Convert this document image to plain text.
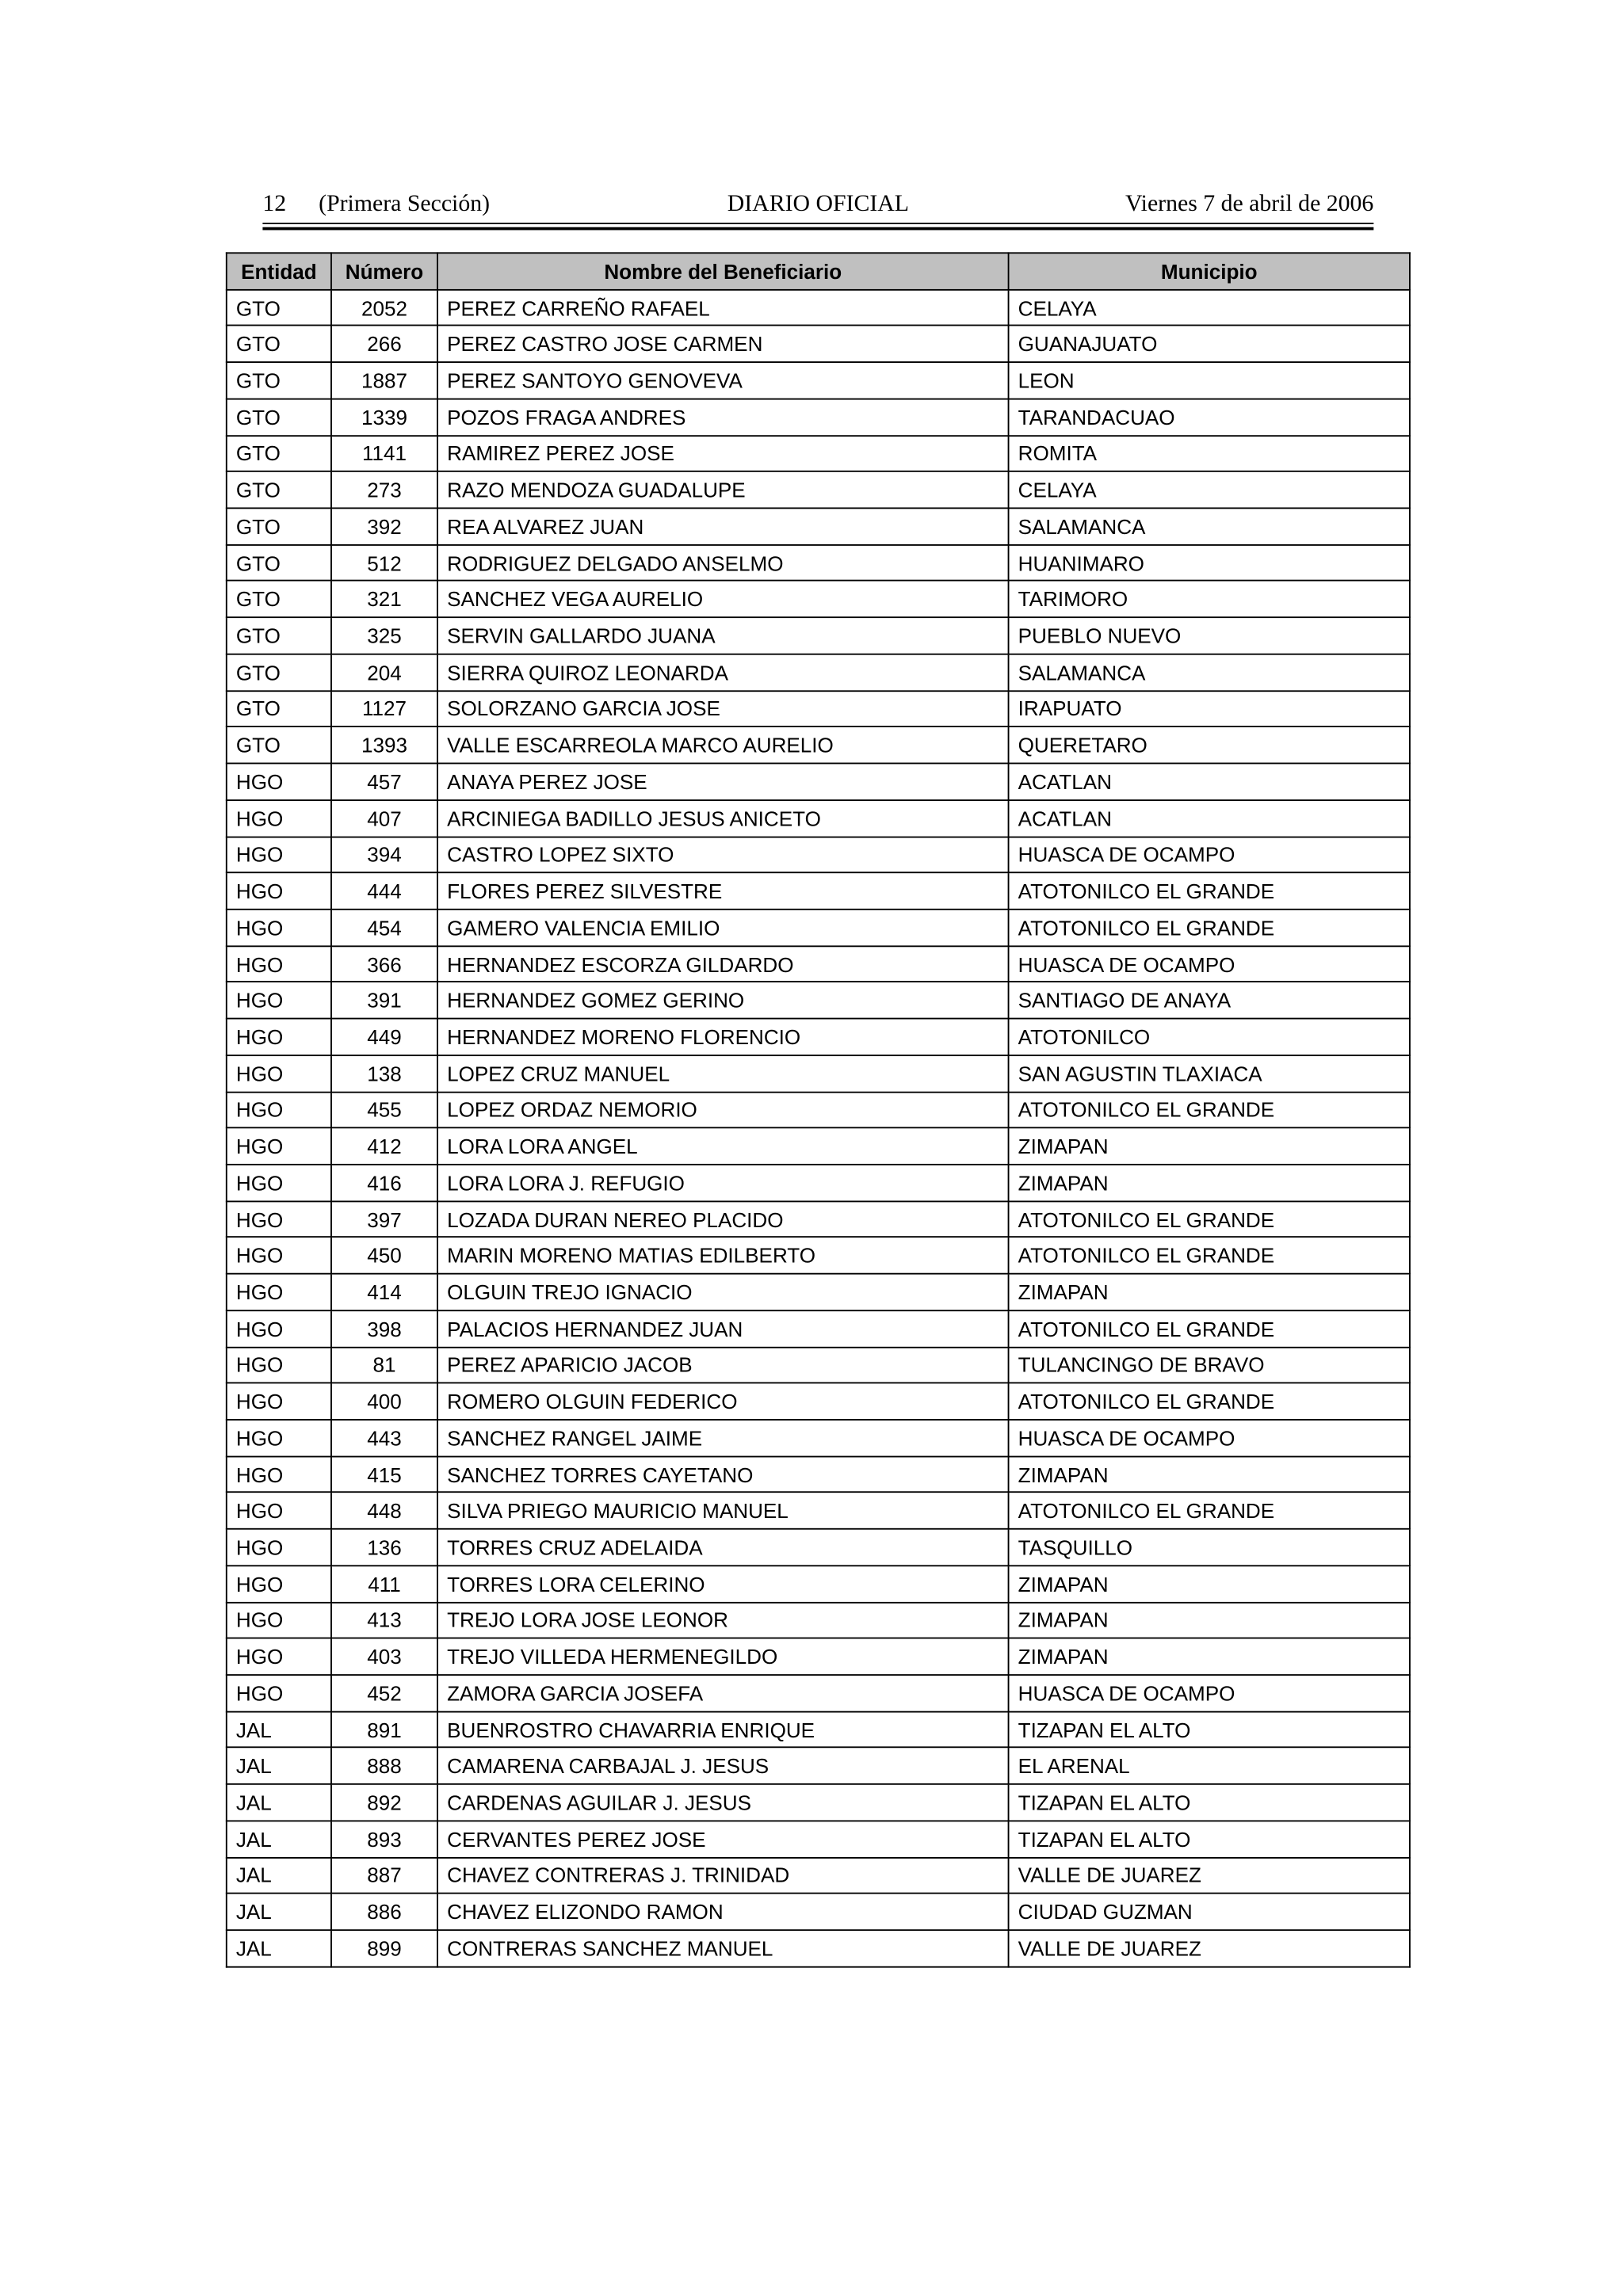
12	(Primera Sección)	DIARIO OFICIAL	Viernes 7 de abril de 2006
Entidad	Número	Nombre del Beneficiario	Municipio
GTO	2052	PEREZ CARREÑO RAFAEL	CELAYA
GTO	266	PEREZ CASTRO JOSE CARMEN	GUANAJUATO
GTO	1887	PEREZ SANTOYO GENOVEVA	LEON
GTO	1339	POZOS FRAGA ANDRES	TARANDACUAO
GTO	1141	RAMIREZ PEREZ JOSE	ROMITA
GTO	273	RAZO MENDOZA GUADALUPE	CELAYA
GTO	392	REA ALVAREZ JUAN	SALAMANCA
GTO	512	RODRIGUEZ DELGADO ANSELMO	HUANIMARO
GTO	321	SANCHEZ VEGA AURELIO	TARIMORO
GTO	325	SERVIN GALLARDO JUANA	PUEBLO NUEVO
GTO	204	SIERRA QUIROZ LEONARDA	SALAMANCA
GTO	1127	SOLORZANO GARCIA JOSE	IRAPUATO
GTO	1393	VALLE ESCARREOLA MARCO AURELIO	QUERETARO
HGO	457	ANAYA PEREZ JOSE	ACATLAN
HGO	407	ARCINIEGA BADILLO JESUS ANICETO	ACATLAN
HGO	394	CASTRO LOPEZ SIXTO	HUASCA DE OCAMPO
HGO	444	FLORES PEREZ SILVESTRE	ATOTONILCO EL GRANDE
HGO	454	GAMERO VALENCIA EMILIO	ATOTONILCO EL GRANDE
HGO	366	HERNANDEZ ESCORZA GILDARDO	HUASCA DE OCAMPO
HGO	391	HERNANDEZ GOMEZ GERINO	SANTIAGO DE ANAYA
HGO	449	HERNANDEZ MORENO FLORENCIO	ATOTONILCO
HGO	138	LOPEZ CRUZ MANUEL	SAN AGUSTIN TLAXIACA
HGO	455	LOPEZ ORDAZ NEMORIO	ATOTONILCO EL GRANDE
HGO	412	LORA LORA ANGEL	ZIMAPAN
HGO	416	LORA LORA J. REFUGIO	ZIMAPAN
HGO	397	LOZADA DURAN NEREO PLACIDO	ATOTONILCO EL GRANDE
HGO	450	MARIN MORENO MATIAS EDILBERTO	ATOTONILCO EL GRANDE
HGO	414	OLGUIN TREJO IGNACIO	ZIMAPAN
HGO	398	PALACIOS HERNANDEZ JUAN	ATOTONILCO EL GRANDE
HGO	81	PEREZ APARICIO JACOB	TULANCINGO DE BRAVO
HGO	400	ROMERO OLGUIN FEDERICO	ATOTONILCO EL GRANDE
HGO	443	SANCHEZ RANGEL JAIME	HUASCA DE OCAMPO
HGO	415	SANCHEZ TORRES CAYETANO	ZIMAPAN
HGO	448	SILVA PRIEGO MAURICIO MANUEL	ATOTONILCO EL GRANDE
HGO	136	TORRES CRUZ ADELAIDA	TASQUILLO
HGO	411	TORRES LORA CELERINO	ZIMAPAN
HGO	413	TREJO LORA JOSE LEONOR	ZIMAPAN
HGO	403	TREJO VILLEDA HERMENEGILDO	ZIMAPAN
HGO	452	ZAMORA GARCIA JOSEFA	HUASCA DE OCAMPO
JAL	891	BUENROSTRO CHAVARRIA ENRIQUE	TIZAPAN EL ALTO
JAL	888	CAMARENA CARBAJAL J. JESUS	EL ARENAL
JAL	892	CARDENAS AGUILAR J. JESUS	TIZAPAN EL ALTO
JAL	893	CERVANTES PEREZ JOSE	TIZAPAN EL ALTO
JAL	887	CHAVEZ CONTRERAS J. TRINIDAD	VALLE DE JUAREZ
JAL	886	CHAVEZ ELIZONDO RAMON	CIUDAD GUZMAN
JAL	899	CONTRERAS SANCHEZ MANUEL	VALLE DE JUAREZ
